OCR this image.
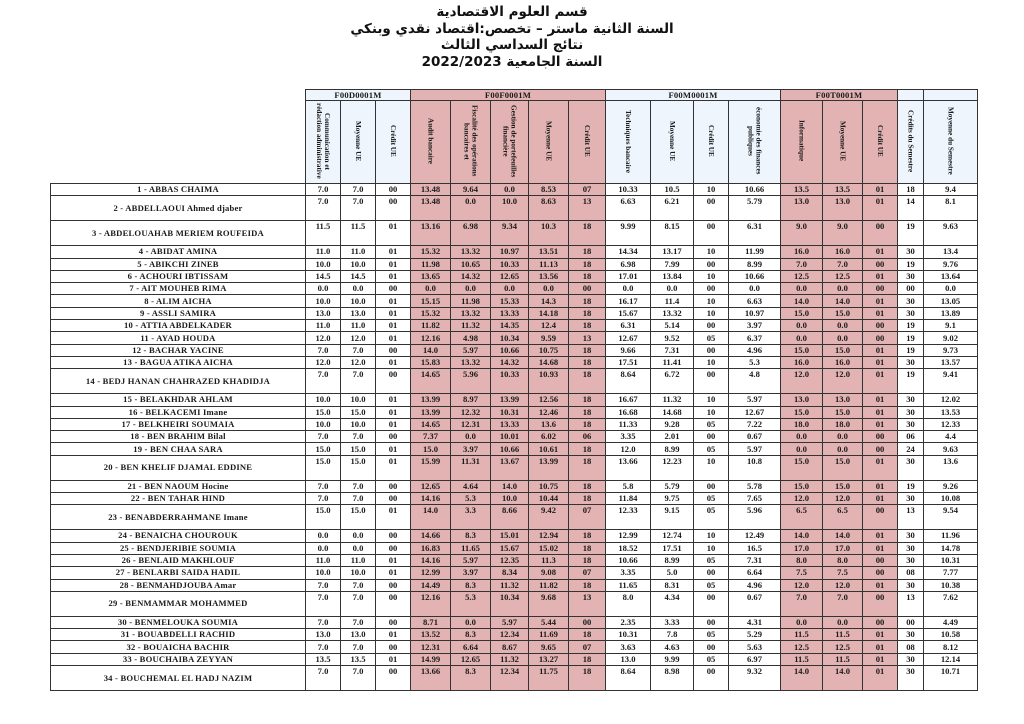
قسم العلوم الاقتصادية
السنة الثانية ماستر – تخصص:اقتصاد نقدي وبنكي
نتائج السداسي الثالث
السنة الجامعية 2022/2023
	F00D0001M			F00F0001M					F00M0001M				F00T0001M				
	Communication et rédaction administrative	Moyenne UE	Crédit UE	Audit bancaire	Fiscalité des opérations bancaires et	Gestion de portefeuilles financière	Moyenne UE	Crédit UE	Techniques bancaire	Moyenne UE	Crédit UE	économie des finances publiques	Informatique	Moyenne UE	Crédit UE	Crédits du Semestre	Moyenne du Semestre
1 - ABBAS CHAIMA	7.0	7.0	00	13.48	9.64	0.0	8.53	07	10.33	10.5	10	10.66	13.5	13.5	01	18	9.4
2 - ABDELLAOUI Ahmed djaber	7.0	7.0	00	13.48	0.0	10.0	8.63	13	6.63	6.21	00	5.79	13.0	13.0	01	14	8.1
3 - ABDELOUAHAB MERIEM ROUFEIDA	11.5	11.5	01	13.16	6.98	9.34	10.3	18	9.99	8.15	00	6.31	9.0	9.0	00	19	9.63
4 - ABIDAT AMINA	11.0	11.0	01	15.32	13.32	10.97	13.51	18	14.34	13.17	10	11.99	16.0	16.0	01	30	13.4
5 - ABIKCHI ZINEB	10.0	10.0	01	11.98	10.65	10.33	11.13	18	6.98	7.99	00	8.99	7.0	7.0	00	19	9.76
6 - ACHOURI IBTISSAM	14.5	14.5	01	13.65	14.32	12.65	13.56	18	17.01	13.84	10	10.66	12.5	12.5	01	30	13.64
7 - AIT MOUHEB RIMA	0.0	0.0	00	0.0	0.0	0.0	0.0	00	0.0	0.0	00	0.0	0.0	0.0	00	00	0.0
8 - ALIM AICHA	10.0	10.0	01	15.15	11.98	15.33	14.3	18	16.17	11.4	10	6.63	14.0	14.0	01	30	13.05
9 - ASSLI SAMIRA	13.0	13.0	01	15.32	13.32	13.33	14.18	18	15.67	13.32	10	10.97	15.0	15.0	01	30	13.89
10 - ATTIA ABDELKADER	11.0	11.0	01	11.82	11.32	14.35	12.4	18	6.31	5.14	00	3.97	0.0	0.0	00	19	9.1
11 - AYAD HOUDA	12.0	12.0	01	12.16	4.98	10.34	9.59	13	12.67	9.52	05	6.37	0.0	0.0	00	19	9.02
12 - BACHAR YACINE	7.0	7.0	00	14.0	5.97	10.66	10.75	18	9.66	7.31	00	4.96	15.0	15.0	01	19	9.73
13 - BAGUA ATIKA AICHA	12.0	12.0	01	15.83	13.32	14.32	14.68	18	17.51	11.41	10	5.3	16.0	16.0	01	30	13.57
14 - BEDJ HANAN CHAHRAZED KHADIDJA	7.0	7.0	00	14.65	5.96	10.33	10.93	18	8.64	6.72	00	4.8	12.0	12.0	01	19	9.41
15 - BELAKHDAR AHLAM	10.0	10.0	01	13.99	8.97	13.99	12.56	18	16.67	11.32	10	5.97	13.0	13.0	01	30	12.02
16 - BELKACEMI Imane	15.0	15.0	01	13.99	12.32	10.31	12.46	18	16.68	14.68	10	12.67	15.0	15.0	01	30	13.53
17 - BELKHEIRI SOUMAIA	10.0	10.0	01	14.65	12.31	13.33	13.6	18	11.33	9.28	05	7.22	18.0	18.0	01	30	12.33
18 - BEN BRAHIM Bilal	7.0	7.0	00	7.37	0.0	10.01	6.02	06	3.35	2.01	00	0.67	0.0	0.0	00	06	4.4
19 - BEN CHAA SARA	15.0	15.0	01	15.0	3.97	10.66	10.61	18	12.0	8.99	05	5.97	0.0	0.0	00	24	9.63
20 - BEN KHELIF DJAMAL EDDINE	15.0	15.0	01	15.99	11.31	13.67	13.99	18	13.66	12.23	10	10.8	15.0	15.0	01	30	13.6
21 - BEN NAOUM Hocine	7.0	7.0	00	12.65	4.64	14.0	10.75	18	5.8	5.79	00	5.78	15.0	15.0	01	19	9.26
22 - BEN TAHAR HIND	7.0	7.0	00	14.16	5.3	10.0	10.44	18	11.84	9.75	05	7.65	12.0	12.0	01	30	10.08
23 - BENABDERRAHMANE Imane	15.0	15.0	01	14.0	3.3	8.66	9.42	07	12.33	9.15	05	5.96	6.5	6.5	00	13	9.54
24 - BENAICHA CHOUROUK	0.0	0.0	00	14.66	8.3	15.01	12.94	18	12.99	12.74	10	12.49	14.0	14.0	01	30	11.96
25 - BENDJERIBIE SOUMIA	0.0	0.0	00	16.83	11.65	15.67	15.02	18	18.52	17.51	10	16.5	17.0	17.0	01	30	14.78
26 - BENLAID MAKHLOUF	11.0	11.0	01	14.16	5.97	12.35	11.3	18	10.66	8.99	05	7.31	8.0	8.0	00	30	10.31
27 - BENLARBI SAIDA HADIL	10.0	10.0	01	12.99	3.97	8.34	9.08	07	3.35	5.0	00	6.64	7.5	7.5	00	08	7.77
28 - BENMAHDJOUBA Amar	7.0	7.0	00	14.49	8.3	11.32	11.82	18	11.65	8.31	05	4.96	12.0	12.0	01	30	10.38
29 - BENMAMMAR MOHAMMED	7.0	7.0	00	12.16	5.3	10.34	9.68	13	8.0	4.34	00	0.67	7.0	7.0	00	13	7.62
30 - BENMELOUKA SOUMIA	7.0	7.0	00	8.71	0.0	5.97	5.44	00	2.35	3.33	00	4.31	0.0	0.0	00	00	4.49
31 - BOUABDELLI RACHID	13.0	13.0	01	13.52	8.3	12.34	11.69	18	10.31	7.8	05	5.29	11.5	11.5	01	30	10.58
32 - BOUAICHA BACHIR	7.0	7.0	00	12.31	6.64	8.67	9.65	07	3.63	4.63	00	5.63	12.5	12.5	01	08	8.12
33 - BOUCHAIBA ZEYYAN	13.5	13.5	01	14.99	12.65	11.32	13.27	18	13.0	9.99	05	6.97	11.5	11.5	01	30	12.14
34 - BOUCHEMAL EL HADJ NAZIM	7.0	7.0	00	13.66	8.3	12.34	11.75	18	8.64	8.98	00	9.32	14.0	14.0	01	30	10.71
